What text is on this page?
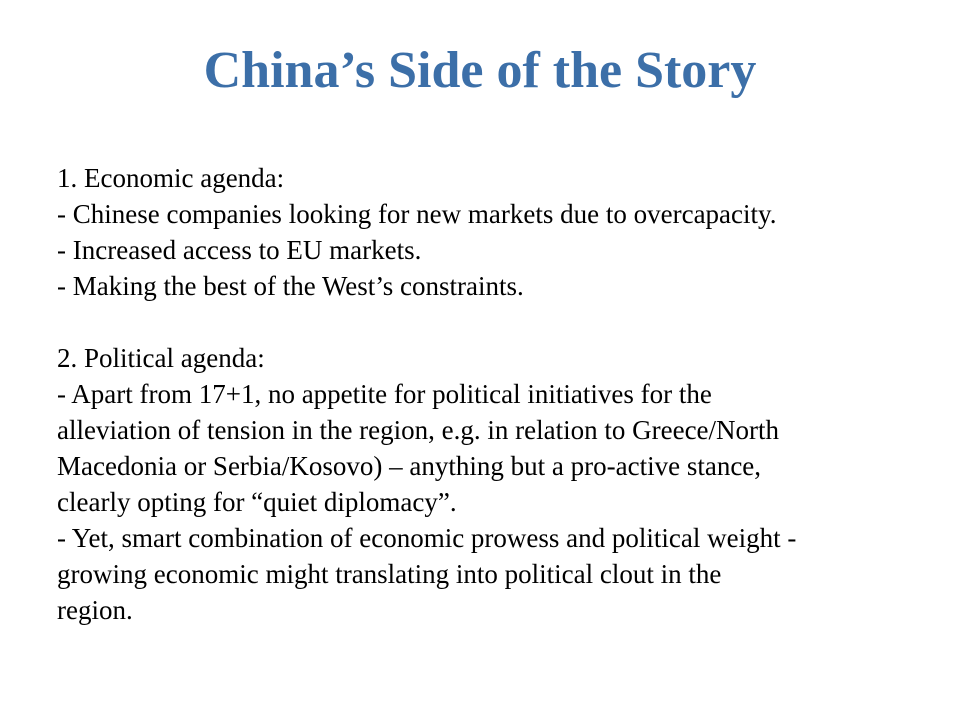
China’s Side of the Story
1. Economic agenda:
- Chinese companies looking for new markets due to overcapacity.
- Increased access to EU markets.
- Making the best of the West’s constraints.
2. Political agenda:
- Apart from 17+1, no appetite for political initiatives for the
alleviation of tension in the region, e.g. in relation to Greece/North
Macedonia or Serbia/Kosovo) – anything but a pro-active stance,
clearly opting for “quiet diplomacy”.
- Yet, smart combination of economic prowess and political weight -
growing economic might translating into political clout in the
region.
